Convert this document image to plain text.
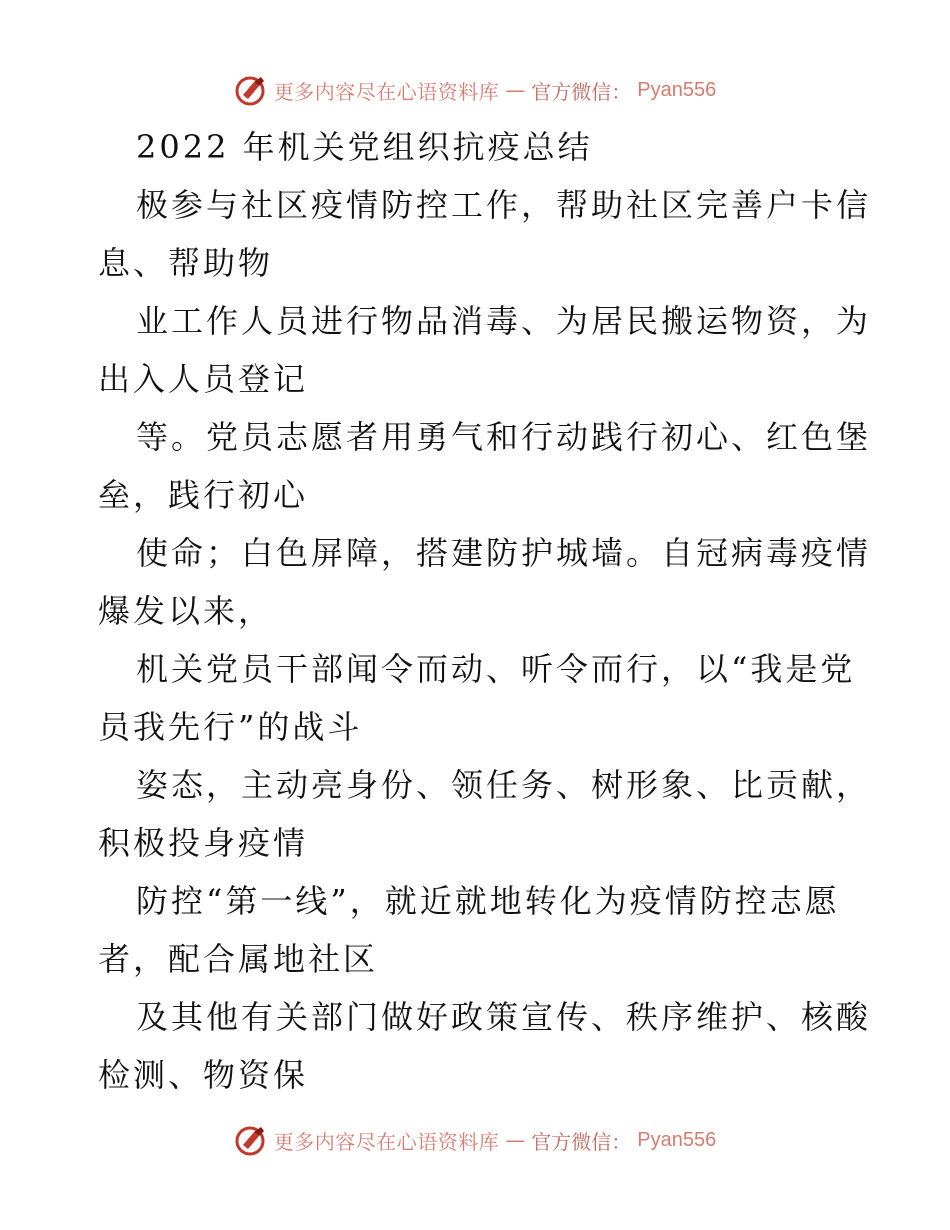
更多内容尽在心语资料库 — 官方微信： Pyan556
2022 年机关党组织抗疫总结
极参与社区疫情防控工作，帮助社区完善户卡信
息、帮助物
业工作人员进行物品消毒、为居民搬运物资，为
出入人员登记
等。党员志愿者用勇气和行动践行初心、红色堡
垒，践行初心
使命；白色屏障，搭建防护城墙。自冠病毒疫情
爆发以来，
机关党员干部闻令而动、听令而行，以“我是党
员我先行”的战斗
姿态，主动亮身份、领任务、树形象、比贡献，
积极投身疫情
防控“第一线”，就近就地转化为疫情防控志愿
者，配合属地社区
及其他有关部门做好政策宣传、秩序维护、核酸
检测、物资保
更多内容尽在心语资料库 — 官方微信： Pyan556
